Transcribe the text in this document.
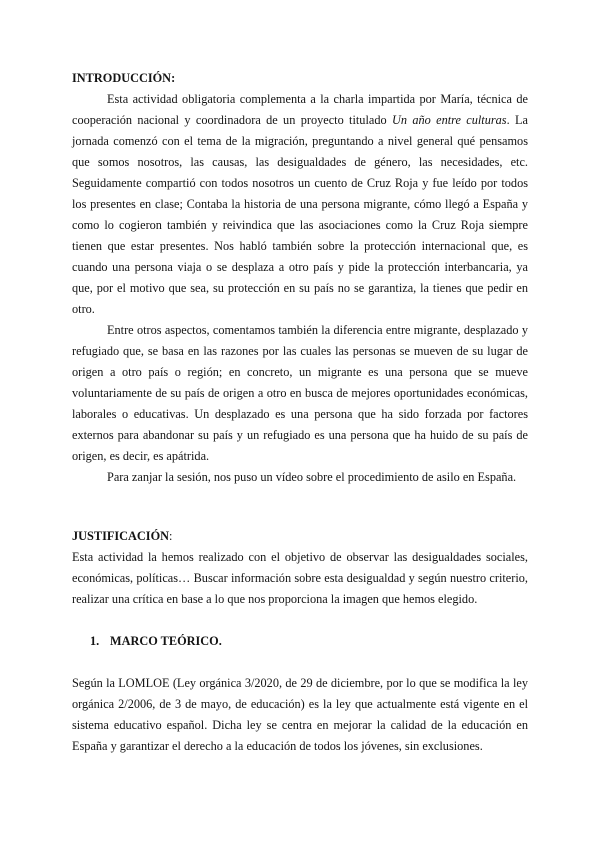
INTRODUCCIÓN:

Esta actividad obligatoria complementa a la charla impartida por María, técnica de cooperación nacional y coordinadora de un proyecto titulado Un año entre culturas. La jornada comenzó con el tema de la migración, preguntando a nivel general qué pensamos que somos nosotros, las causas, las desigualdades de género, las necesidades, etc. Seguidamente compartió con todos nosotros un cuento de Cruz Roja y fue leído por todos los presentes en clase; Contaba la historia de una persona migrante, cómo llegó a España y como lo cogieron también y reivindica que las asociaciones como la Cruz Roja siempre tienen que estar presentes. Nos habló también sobre la protección internacional que, es cuando una persona viaja o se desplaza a otro país y pide la protección interbancaria, ya que, por el motivo que sea, su protección en su país no se garantiza, la tienes que pedir en otro.

Entre otros aspectos, comentamos también la diferencia entre migrante, desplazado y refugiado que, se basa en las razones por las cuales las personas se mueven de su lugar de origen a otro país o región; en concreto, un migrante es una persona que se mueve voluntariamente de su país de origen a otro en busca de mejores oportunidades económicas, laborales o educativas. Un desplazado es una persona que ha sido forzada por factores externos para abandonar su país y un refugiado es una persona que ha huido de su país de origen, es decir, es apátrida.

Para zanjar la sesión, nos puso un vídeo sobre el procedimiento de asilo en España.

JUSTIFICACIÓN:

Esta actividad la hemos realizado con el objetivo de observar las desigualdades sociales, económicas, políticas… Buscar información sobre esta desigualdad y según nuestro criterio, realizar una crítica en base a lo que nos proporciona la imagen que hemos elegido.

1. MARCO TEÓRICO.

Según la LOMLOE (Ley orgánica 3/2020, de 29 de diciembre, por lo que se modifica la ley orgánica 2/2006, de 3 de mayo, de educación) es la ley que actualmente está vigente en el sistema educativo español. Dicha ley se centra en mejorar la calidad de la educación en España y garantizar el derecho a la educación de todos los jóvenes, sin exclusiones.
